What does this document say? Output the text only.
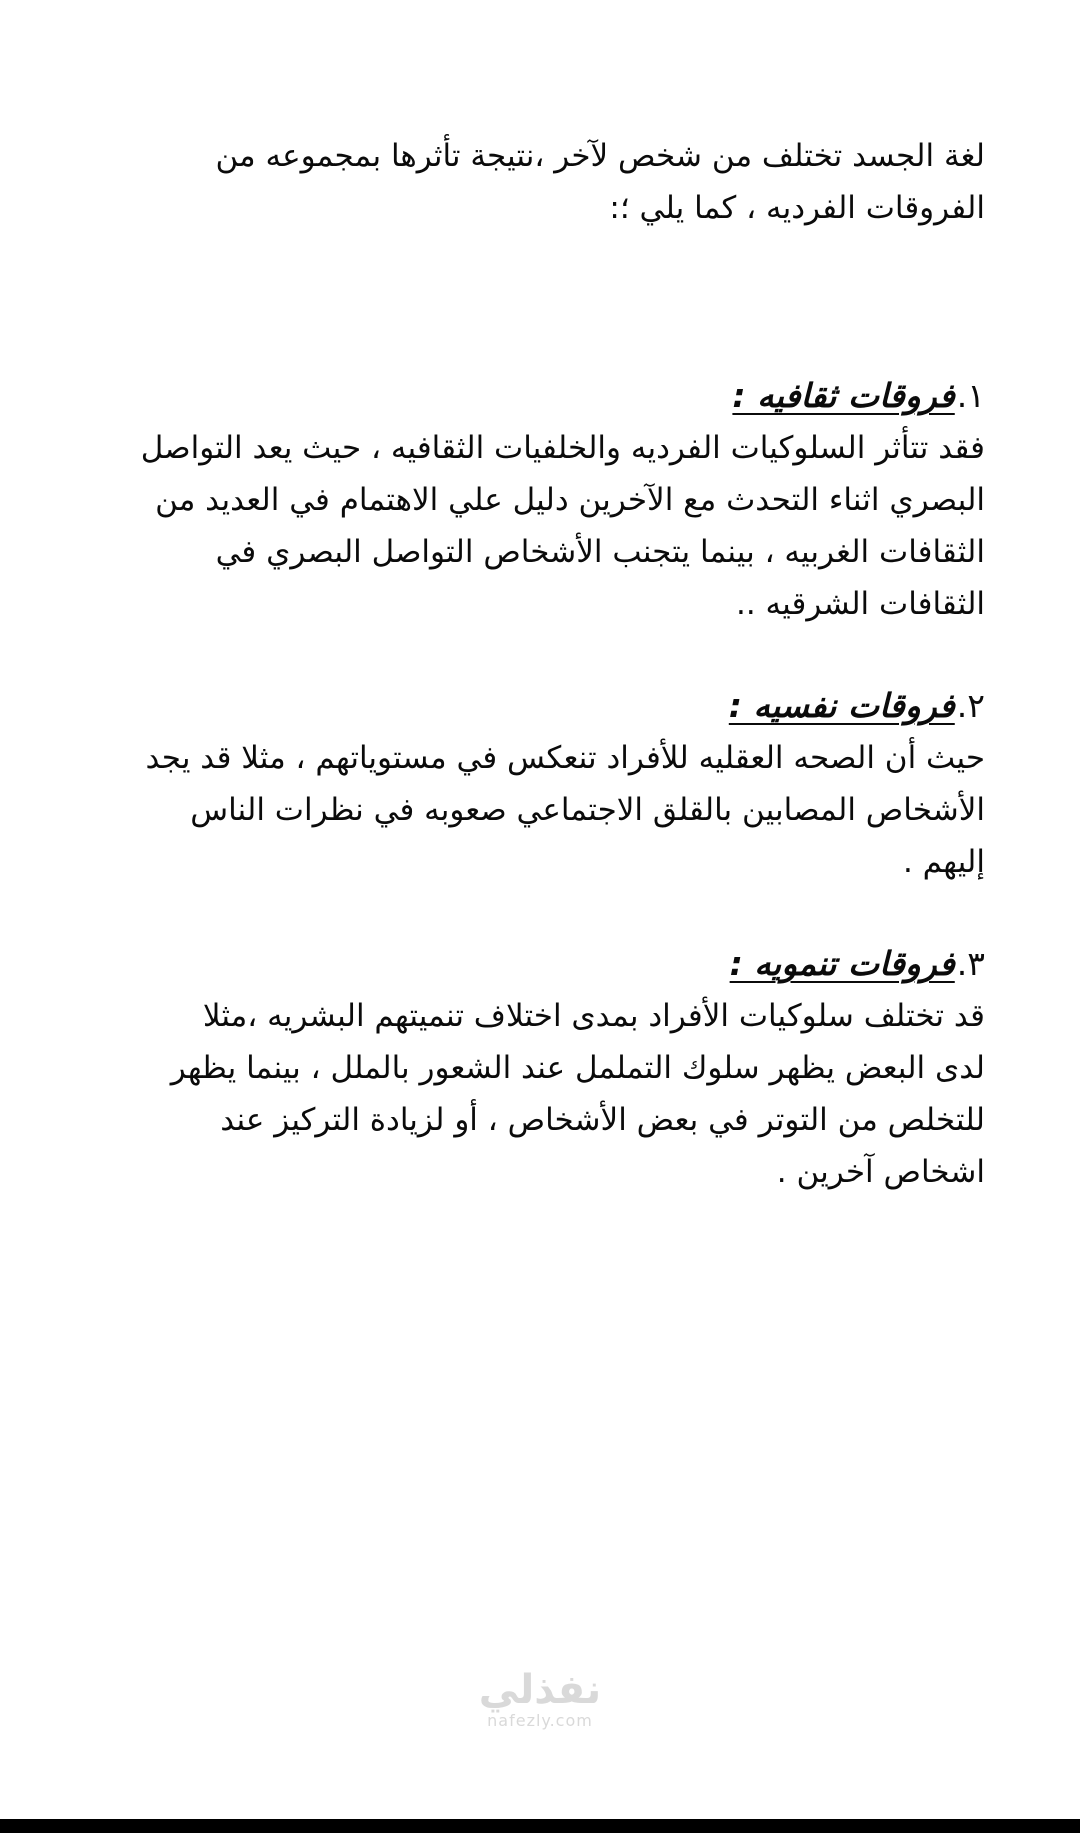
لغة الجسد تختلف من شخص لآخر ،نتيجة تأثرها بمجموعه من
الفروقات الفرديه ، كما يلي ؛:

١.فروقات ثقافيه :

فقد تتأثر السلوكيات الفرديه والخلفيات الثقافيه ، حيث يعد التواصل
البصري اثناء التحدث مع الآخرين دليل علي الاهتمام في العديد من
الثقافات الغربيه ، بينما يتجنب الأشخاص التواصل البصري في
الثقافات الشرقيه ..

٢.فروقات نفسيه :

حيث أن الصحه العقليه للأفراد تنعكس في مستوياتهم ، مثلا قد يجد
الأشخاص المصابين بالقلق الاجتماعي صعوبه في نظرات الناس
إليهم .

٣.فروقات تنمويه :

قد تختلف سلوكيات الأفراد بمدى اختلاف تنميتهم البشريه ،مثلا
لدى البعض يظهر سلوك التململ عند الشعور بالملل ، بينما يظهر
للتخلص من التوتر في بعض الأشخاص ، أو لزيادة التركيز عند
اشخاص آخرين .

نفذلي
nafezly.com
